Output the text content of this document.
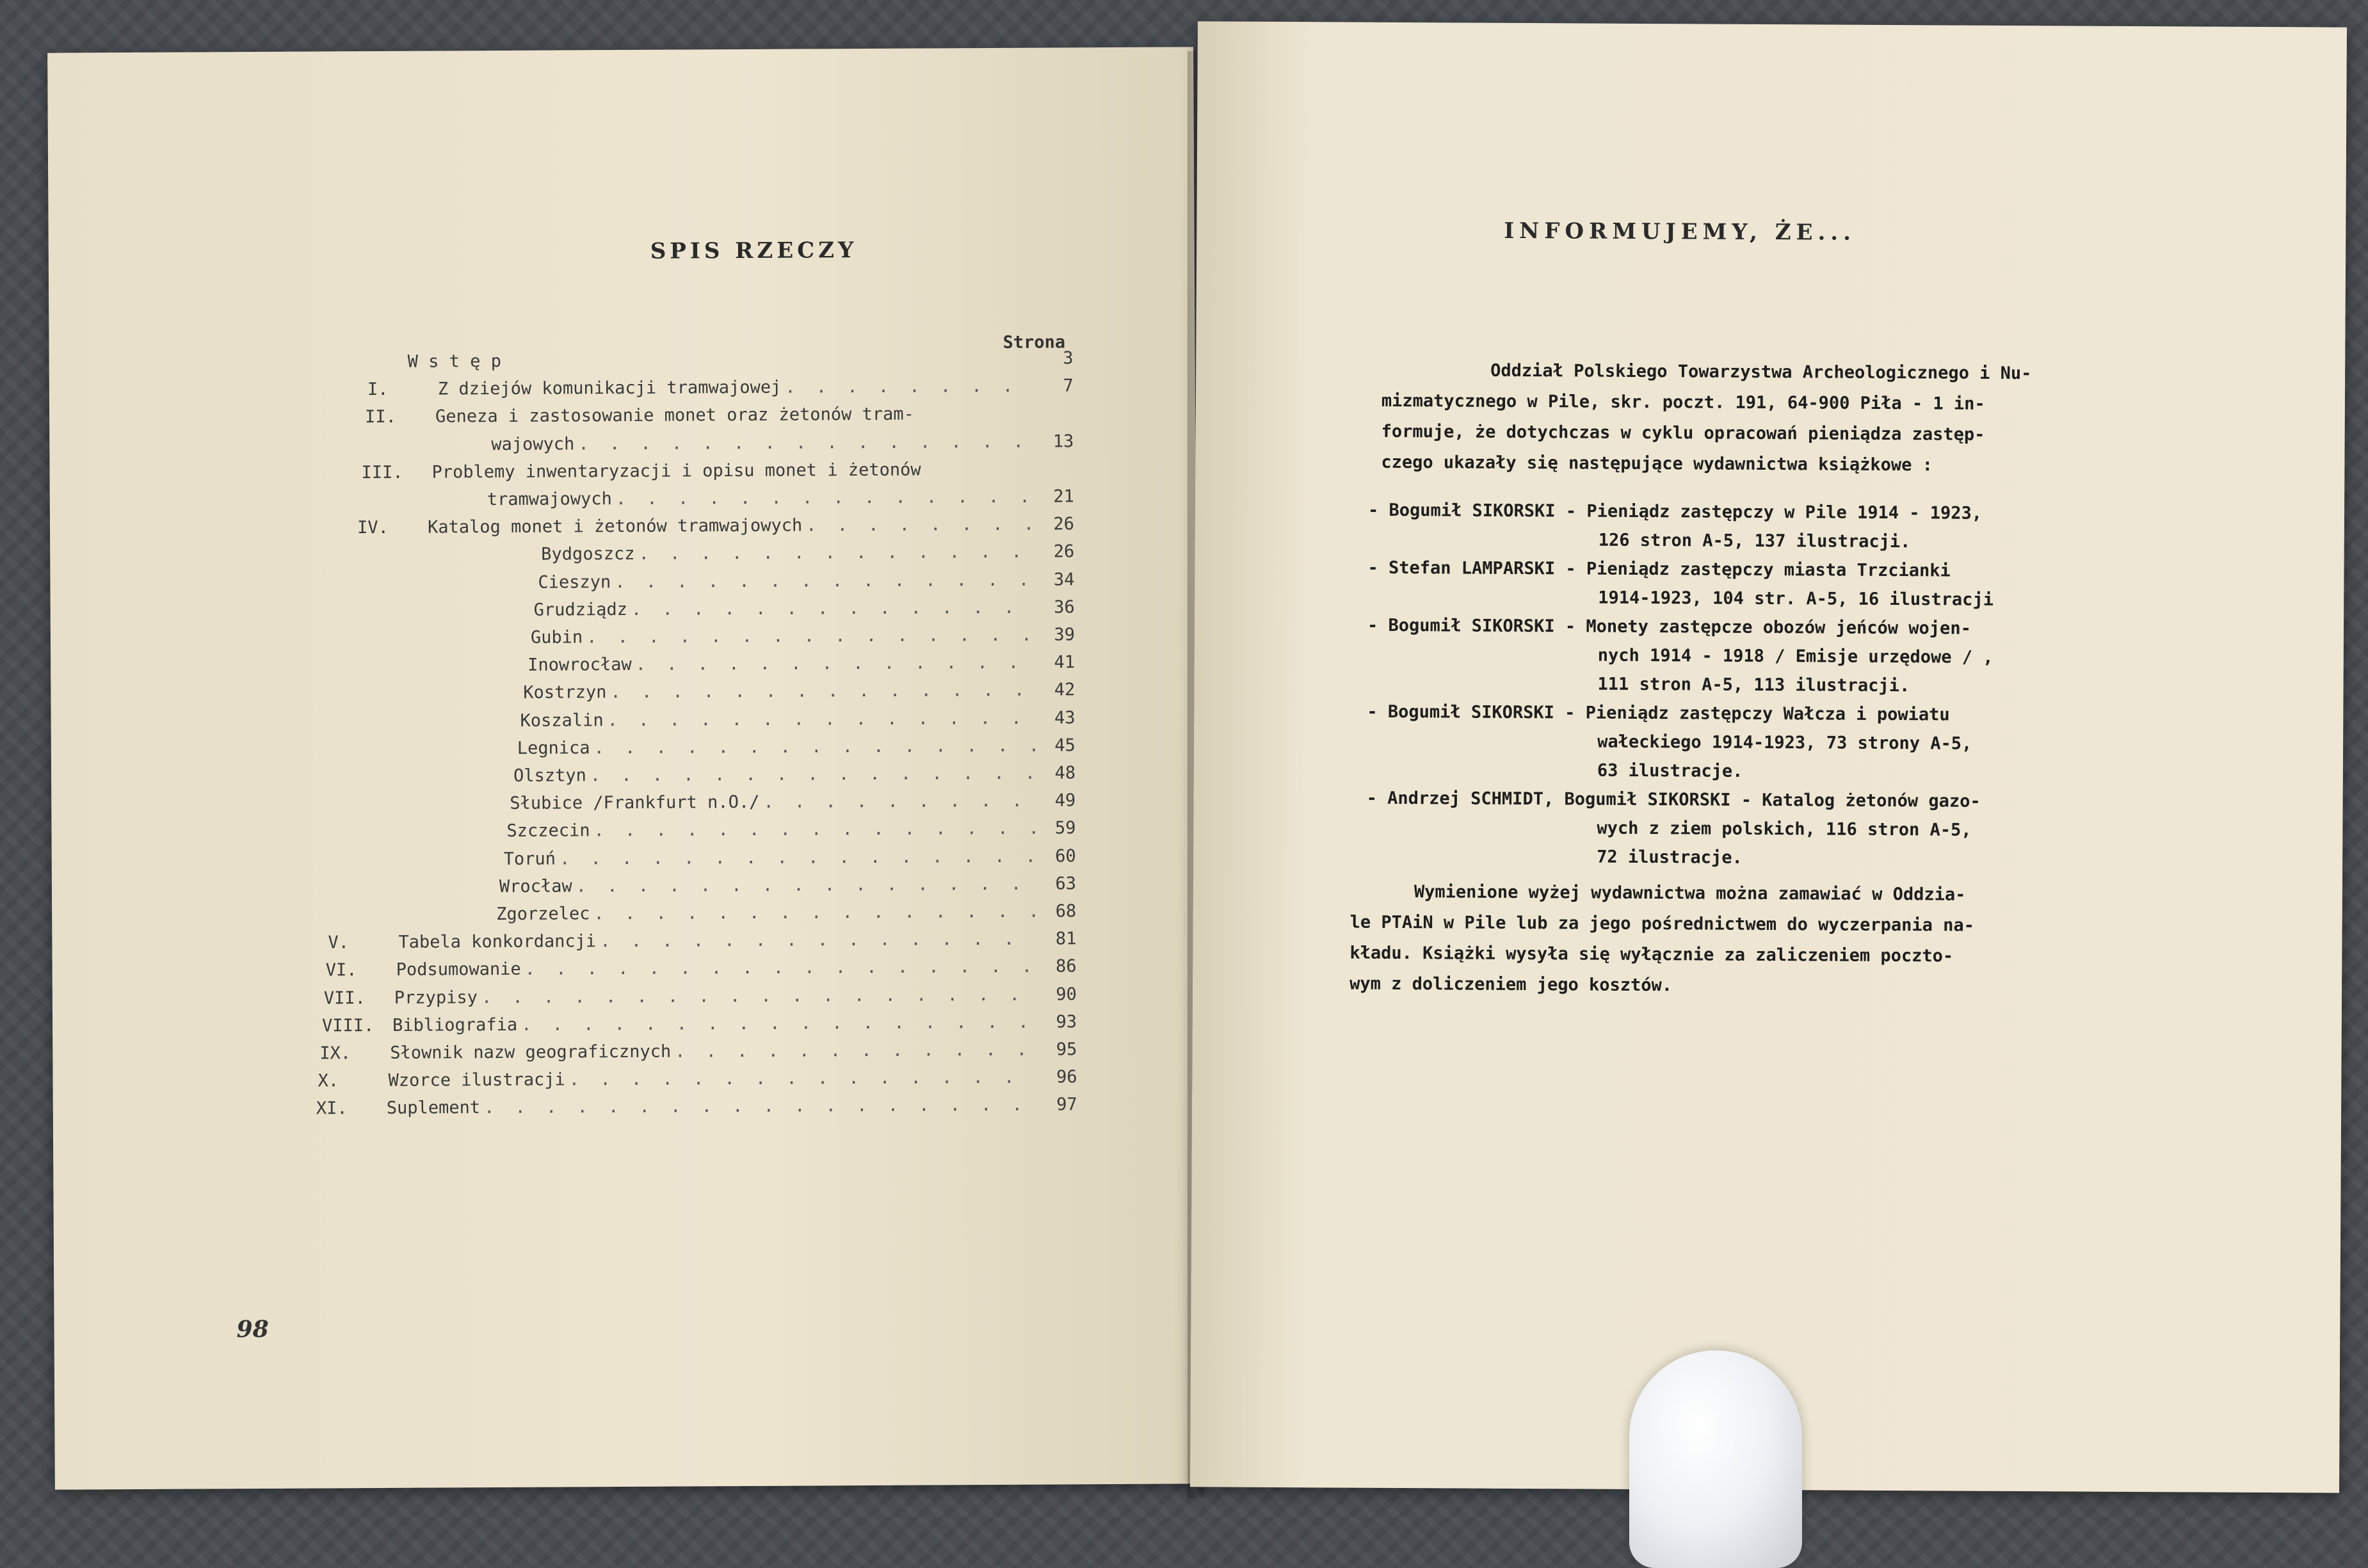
SPIS RZECZY
Strona
W s t ę p	3
I.	Z dziejów komunikacji tramwajowej . . .	7
II.	Geneza i zastosowanie monet oraz żetonów tram-
wajowych . . .	13
III.	Problemy inwentaryzacji i opisu monet i żetonów
tramwajowych . . .	21
IV.	Katalog monet i żetonów tramwajowych . . .	26
Bydgoszcz . . .	26
Cieszyn . . .	34
Grudziądz . . .	36
Gubin . . .	39
Inowrocław . . .	41
Kostrzyn . . .	42
Koszalin . . .	43
Legnica . . .	45
Olsztyn . . .	48
Słubice /Frankfurt n.O./ . . .	49
Szczecin . . .	59
Toruń . . .	60
Wrocław . . .	63
Zgorzelec . . .	68
V.	Tabela konkordancji . . .	81
VI.	Podsumowanie . . .	86
VII.	Przypisy . . .	90
VIII.	Bibliografia . . .	93
IX.	Słownik nazw geograficznych . . .	95
X.	Wzorce ilustracji . . .	96
XI.	Suplement . . .	97
98
INFORMUJEMY, ŻE...
Oddział Polskiego Towarzystwa Archeologicznego i Nu-
mizmatycznego w Pile, skr. poczt. 191, 64-900 Piła - 1 in-
formuje, że dotychczas w cyklu opracowań pieniądza zastęp-
czego ukazały się następujące wydawnictwa książkowe :
- Bogumił SIKORSKI - Pieniądz zastępczy w Pile 1914 - 1923,
126 stron A-5, 137 ilustracji.
- Stefan LAMPARSKI - Pieniądz zastępczy miasta Trzcianki
1914-1923, 104 str. A-5, 16 ilustracji
- Bogumił SIKORSKI - Monety zastępcze obozów jeńców wojen-
nych 1914 - 1918 / Emisje urzędowe / ,
111 stron A-5, 113 ilustracji.
- Bogumił SIKORSKI - Pieniądz zastępczy Wałcza i powiatu
wałeckiego 1914-1923, 73 strony A-5,
63 ilustracje.
- Andrzej SCHMIDT, Bogumił SIKORSKI - Katalog żetonów gazo-
wych z ziem polskich, 116 stron A-5,
72 ilustracje.
Wymienione wyżej wydawnictwa można zamawiać w Oddzia-
le PTAiN w Pile lub za jego pośrednictwem do wyczerpania na-
kładu. Książki wysyła się wyłącznie za zaliczeniem poczto-
wym z doliczeniem jego kosztów.
